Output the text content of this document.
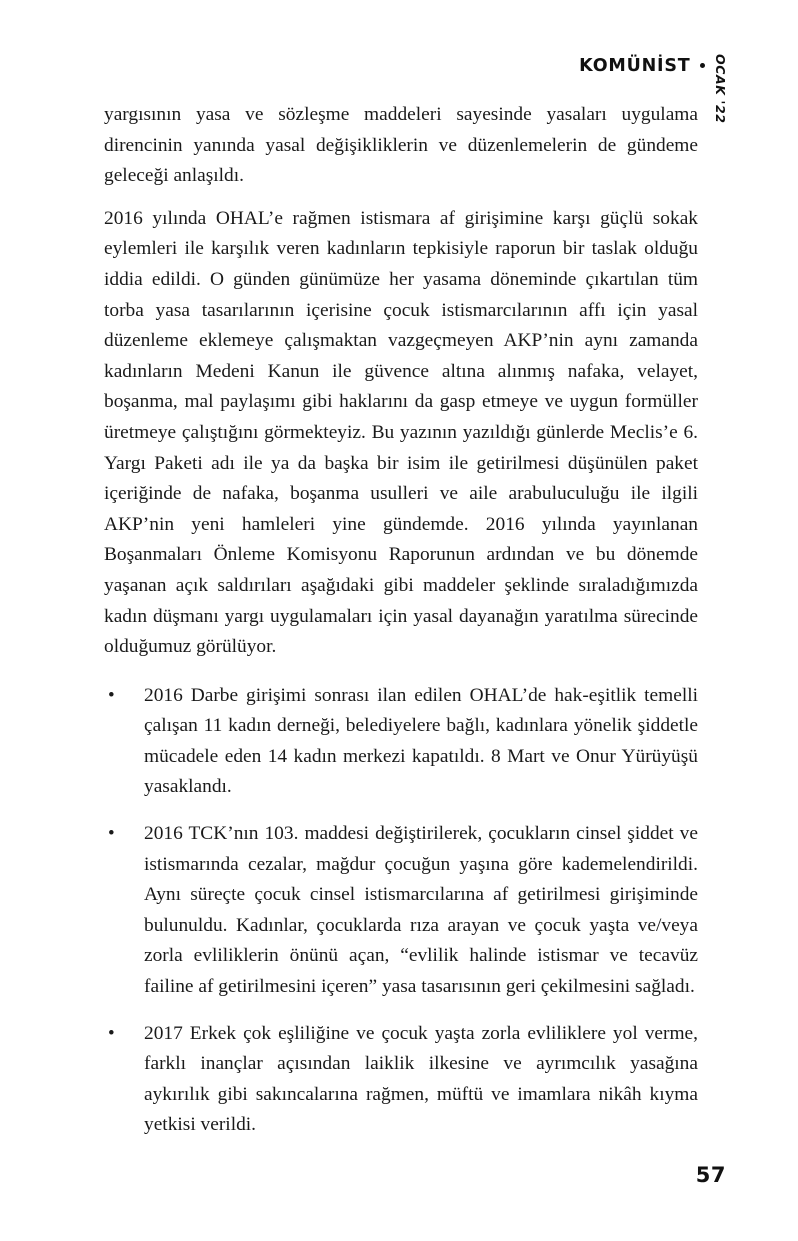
KOMÜNİST OCAK '22

yargısının yasa ve sözleşme maddeleri sayesinde yasaları uygulama direncinin yanında yasal değişikliklerin ve düzenlemelerin de gündeme geleceği anlaşıldı.

2016 yılında OHAL’e rağmen istismara af girişimine karşı güçlü sokak eylemleri ile karşılık veren kadınların tepkisiyle raporun bir taslak olduğu iddia edildi. O günden günümüze her yasama döneminde çıkartılan tüm torba yasa tasarılarının içerisine çocuk istismarcılarının affı için yasal düzenleme eklemeye çalışmaktan vazgeçmeyen AKP’nin aynı zamanda kadınların Medeni Kanun ile güvence altına alınmış nafaka, velayet, boşanma, mal paylaşımı gibi haklarını da gasp etmeye ve uygun formüller üretmeye çalıştığını görmekteyiz. Bu yazının yazıldığı günlerde Meclis’e 6. Yargı Paketi adı ile ya da başka bir isim ile getirilmesi düşünülen paket içeriğinde de nafaka, boşanma usulleri ve aile arabuluculuğu ile ilgili AKP’nin yeni hamleleri yine gündemde. 2016 yılında yayınlanan Boşanmaları Önleme Komisyonu Raporunun ardından ve bu dönemde yaşanan açık saldırıları aşağıdaki gibi maddeler şeklinde sıraladığımızda kadın düşmanı yargı uygulamaları için yasal dayanağın yaratılma sürecinde olduğumuz görülüyor.

• 2016 Darbe girişimi sonrası ilan edilen OHAL’de hak-eşitlik temelli çalışan 11 kadın derneği, belediyelere bağlı, kadınlara yönelik şiddetle mücadele eden 14 kadın merkezi kapatıldı. 8 Mart ve Onur Yürüyüşü yasaklandı.
• 2016 TCK’nın 103. maddesi değiştirilerek, çocukların cinsel şiddet ve istismarında cezalar, mağdur çocuğun yaşına göre kademelendirildi. Aynı süreçte çocuk cinsel istismarcılarına af getirilmesi girişiminde bulunuldu. Kadınlar, çocuklarda rıza arayan ve çocuk yaşta ve/veya zorla evliliklerin önünü açan, “evlilik halinde istismar ve tecavüz failine af getirilmesini içeren” yasa tasarısının geri çekilmesini sağladı.
• 2017 Erkek çok eşliliğine ve çocuk yaşta zorla evliliklere yol verme, farklı inançlar açısından laiklik ilkesine ve ayrımcılık yasağına aykırılık gibi sakıncalarına rağmen, müftü ve imamlara nikâh kıyma yetkisi verildi.
57
